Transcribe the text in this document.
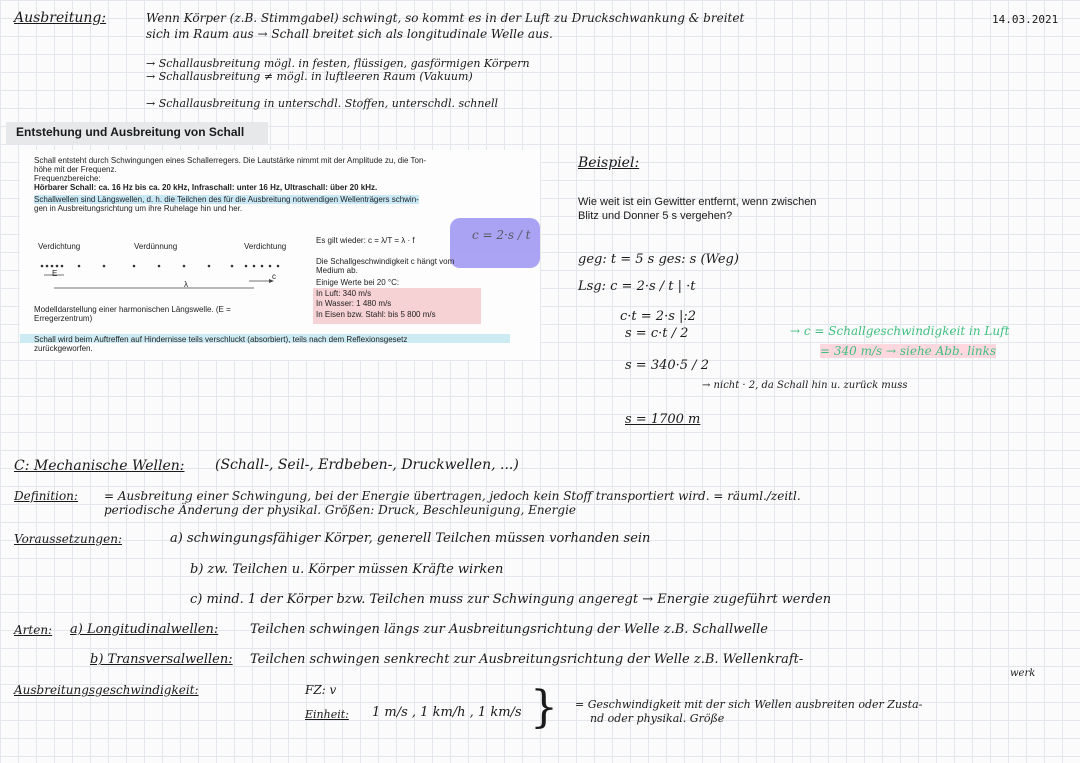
Ausbreitung:	Wenn Körper (z.B. Stimmgabel) schwingt, so kommt es in der Luft zu Druckschwankung & breitet
sich im Raum aus → Schall breitet sich als longitudinale Welle aus.
14.03.2021
→ Schallausbreitung mögl. in festen, flüssigen, gasförmigen Körpern
→ Schallausbreitung ≠ mögl. in luftleeren Raum (Vakuum)
→ Schallausbreitung in unterschdl. Stoffen, unterschdl. schnell
Entstehung und Ausbreitung von Schall
c = 2·s / t
Schall entsteht durch Schwingungen eines Schallerregers. Die Lautstärke nimmt mit der Amplitude zu, die Ton-
höhe mit der Frequenz.
Frequenzbereiche:
Hörbarer Schall: ca. 16 Hz bis ca. 20 kHz, Infraschall: unter 16 Hz, Ultraschall: über 20 kHz.
Schallwellen sind Längswellen, d. h. die Teilchen des für die Ausbreitung notwendigen Wellenträgers schwin-
gen in Ausbreitungsrichtung um ihre Ruhelage hin und her.
Verdichtung	Verdünnung	Verdichtung
E
λ
c
Es gilt wieder: c = λ/T = λ · f
Die Schallgeschwindigkeit c hängt vom
Medium ab.
Einige Werte bei 20 °C:
In Luft: 340 m/s
In Wasser: 1 480 m/s
In Eisen bzw. Stahl: bis 5 800 m/s
Modelldarstellung einer harmonischen Längswelle. (E =
Erregerzentrum)
Schall wird beim Auftreffen auf Hindernisse teils verschluckt (absorbiert), teils nach dem Reflexionsgesetz
zurückgeworfen.
Beispiel:
Wie weit ist ein Gewitter entfernt, wenn zwischen
Blitz und Donner 5 s vergehen?
geg: t = 5 s ges: s (Weg)
Lsg: c = 2·s / t | ·t
c·t = 2·s |:2
s = c·t / 2
s = 340·5 / 2
→ nicht · 2, da Schall hin u. zurück muss
s = 1700 m
→ c = Schallgeschwindigkeit in Luft
= 340 m/s → siehe Abb. links
C: Mechanische Wellen: (Schall-, Seil-, Erdbeben-, Druckwellen, ...)
Definition: = Ausbreitung einer Schwingung, bei der Energie übertragen, jedoch kein Stoff transportiert wird. = räuml./zeitl.
periodische Änderung der physikal. Größen: Druck, Beschleunigung, Energie
Voraussetzungen:	a) schwingungsfähiger Körper, generell Teilchen müssen vorhanden sein
b) zw. Teilchen u. Körper müssen Kräfte wirken
c) mind. 1 der Körper bzw. Teilchen muss zur Schwingung angeregt → Energie zugeführt werden
Arten: a) Longitudinalwellen: Teilchen schwingen längs zur Ausbreitungsrichtung der Welle z.B. Schallwelle
b) Transversalwellen: Teilchen schwingen senkrecht zur Ausbreitungsrichtung der Welle z.B. Wellenkraft-
werk
Ausbreitungsgeschwindigkeit:	FZ: v
Einheit: 1 m/s , 1 km/h , 1 km/s } = Geschwindigkeit mit der sich Wellen ausbreiten oder Zusta-
nd oder physikal. Größe
